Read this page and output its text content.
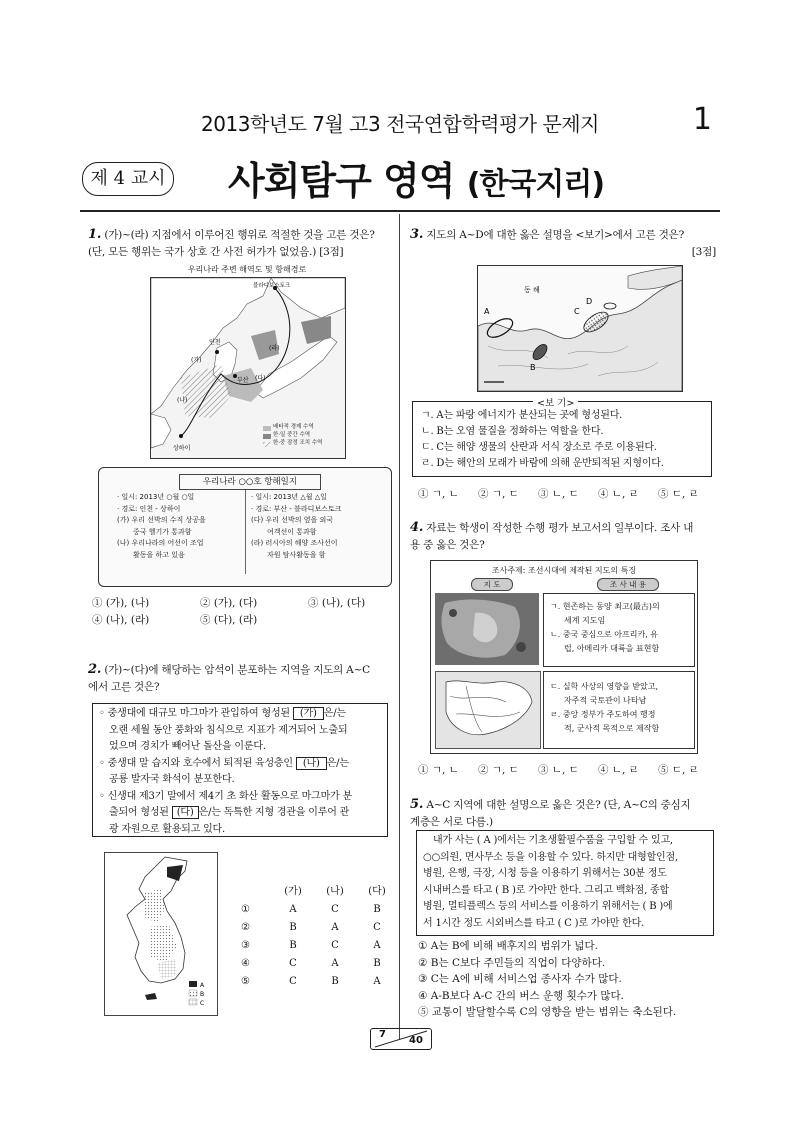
2013학년도 7월 고3 전국연합학력평가 문제지	1
제 4 교시 사회탐구 영역 (한국지리)
1. (가)~(라) 지점에서 이루어진 행위로 적절한 것을 고른 것은?
(단, 모든 행위는 국가 상호 간 사전 허가가 없었음.) [3점]
우리나라 주변 해역도 및 항해경로
블라디보스토크
인천
부산
상하이
(가)
(나)
(다)
(라)
배타적 경제 수역
한·일 중간 수역
한·중 잠정 조치 수역
우리나라 ○○호 항해일지
· 일시: 2013년 ○월 ○일
· 경로: 인천 - 상하이
(가) 우리 선박의 수직 상공을
중국 헬기가 통과함
(나) 우리나라의 어선이 조업
활동을 하고 있음
· 일시: 2013년 △월 △일
· 경로: 부산 - 블라디보스토크
(다) 우리 선박의 옆을 외국
여객선이 통과함
(라) 러시아의 해양 조사선이
자원 탐사활동을 함
① (가), (나)	② (가), (다)	③ (나), (다)
④ (나), (라)	⑤ (다), (라)
2. (가)~(다)에 해당하는 암석이 분포하는 지역을 지도의 A~C
에서 고른 것은?
◦ 중생대에 대규모 마그마가 관입하여 형성된 (가) 은/는
오랜 세월 동안 풍화와 침식으로 지표가 제거되어 노출되
었으며 경치가 빼어난 돌산을 이룬다.
◦ 중생대 말 습지와 호수에서 퇴적된 육성층인 (나) 은/는
공룡 발자국 화석이 분포한다.
◦ 신생대 제3기 말에서 제4기 초 화산 활동으로 마그마가 분
출되어 형성된 (다) 은/는 독특한 지형 경관을 이루어 관
광 자원으로 활용되고 있다.
A
B
C
	(가)	(나)	(다)
①	A	C	B
②	B	A	C
③	B	C	A
④	C	A	B
⑤	C	B	A
3. 지도의 A~D에 대한 옳은 설명을 <보기>에서 고른 것은?
[3점]
동 해
A
B
C
D
<보 기>
ㄱ. A는 파랑 에너지가 분산되는 곳에 형성된다.
ㄴ. B는 오염 물질을 정화하는 역할을 한다.
ㄷ. C는 해양 생물의 산란과 서식 장소로 주로 이용된다.
ㄹ. D는 해안의 모래가 바람에 의해 운반퇴적된 지형이다.
① ㄱ, ㄴ ② ㄱ, ㄷ ③ ㄴ, ㄷ ④ ㄴ, ㄹ ⑤ ㄷ, ㄹ
4. 자료는 학생이 작성한 수행 평가 보고서의 일부이다. 조사 내
용 중 옳은 것은?
조사주제: 조선시대에 제작된 지도의 특징
지 도	조 사 내 용
ㄱ. 현존하는 동양 최고(最古)의
세계 지도임
ㄴ. 중국 중심으로 아프리카, 유
럽, 아메리카 대륙을 표현함
ㄷ. 실학 사상의 영향을 받았고,
자주적 국토관이 나타남
ㄹ. 중앙 정부가 주도하여 행정
적, 군사적 목적으로 제작함
① ㄱ, ㄴ ② ㄱ, ㄷ ③ ㄴ, ㄷ ④ ㄴ, ㄹ ⑤ ㄷ, ㄹ
5. A~C 지역에 대한 설명으로 옳은 것은? (단, A~C의 중심지
계층은 서로 다름.)
내가 사는 ( A )에서는 기초생활필수품을 구입할 수 있고,
○○의원, 면사무소 등을 이용할 수 있다. 하지만 대형할인점,
병원, 은행, 극장, 시청 등을 이용하기 위해서는 30분 정도
시내버스를 타고 ( B )로 가야만 한다. 그리고 백화점, 종합
병원, 멀티플렉스 등의 서비스를 이용하기 위해서는 ( B )에
서 1시간 정도 시외버스를 타고 ( C )로 가야만 한다.
① A는 B에 비해 배후지의 범위가 넓다.
② B는 C보다 주민들의 직업이 다양하다.
③ C는 A에 비해 서비스업 종사자 수가 많다.
④ A-B보다 A-C 간의 버스 운행 횟수가 많다.
⑤ 교통이 발달할수록 C의 영향을 받는 범위는 축소된다.
7
40
